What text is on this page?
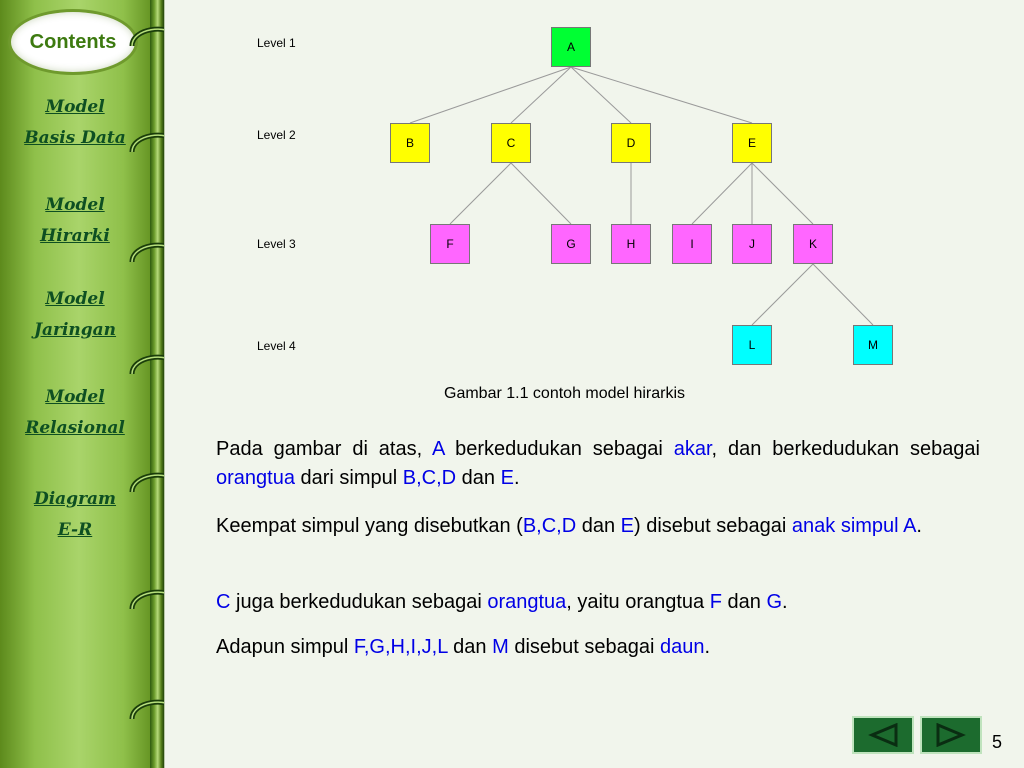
Contents
Model
Basis Data
Model
Hirarki
Model
Jaringan
Model
Relasional
Diagram
E-R
Level 1
Level 2
Level 3
Level 4
A
B	C	D	E
F	G	H	I	J	K
L	M
Gambar 1.1 contoh model hirarkis

Pada gambar di atas, A berkedudukan sebagai akar, dan berkedudukan sebagai orangtua dari simpul B,C,D dan E.

Keempat simpul yang disebutkan (B,C,D dan E) disebut sebagai anak simpul A.

C juga berkedudukan sebagai orangtua, yaitu orangtua F dan G.

Adapun simpul F,G,H,I,J,L dan M disebut sebagai daun.

5
